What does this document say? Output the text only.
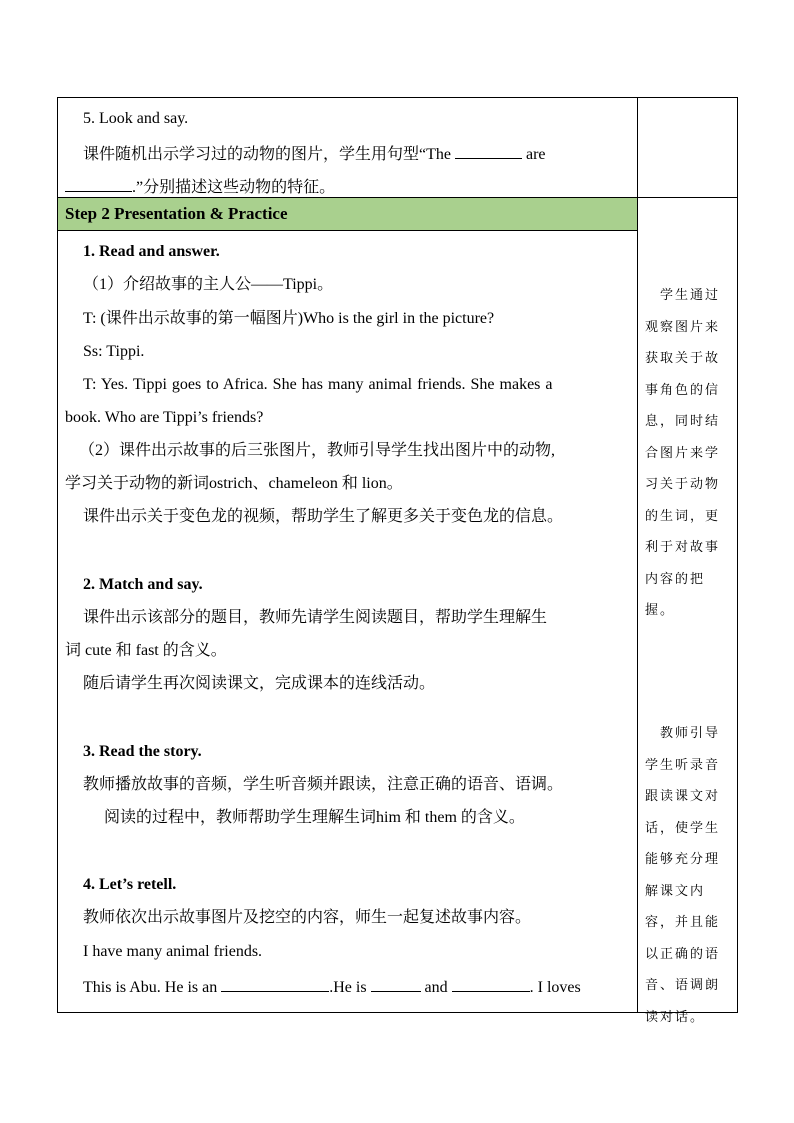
5. Look and say.
课件随机出示学习过的动物的图片，学生用句型“The	are
.”分别描述这些动物的特征。
Step 2 Presentation & Practice
1. Read and answer.
（1）介绍故事的主人公——Tippi。
T: (课件出示故事的第一幅图片)Who is the girl in the picture?
Ss: Tippi.
T: Yes. Tippi goes to Africa. She has many animal friends. She makes a
book. Who are Tippi’s friends?
（2）课件出示故事的后三张图片，教师引导学生找出图片中的动物,
学习关于动物的新词ostrich、chameleon 和 lion。
课件出示关于变色龙的视频，帮助学生了解更多关于变色龙的信息。
2. Match and say.
课件出示该部分的题目，教师先请学生阅读题目，帮助学生理解生
词 cute 和 fast 的含义。
随后请学生再次阅读课文，完成课本的连线活动。
3. Read the story.
教师播放故事的音频，学生听音频并跟读，注意正确的语音、语调。
阅读的过程中，教师帮助学生理解生词him 和 them 的含义。
4. Let’s retell.
教师依次出示故事图片及挖空的内容，师生一起复述故事内容。
I have many animal friends.
This is Abu. He is an	.He is	and	. I loves
　学生通过观察图片来获取关于故事角色的信息，同时结合图片来学习关于动物的生词，更利于对故事内容的把握。
　教师引导学生听录音跟读课文对话，使学生能够充分理解课文内容，并且能以正确的语音、语调朗读对话。
